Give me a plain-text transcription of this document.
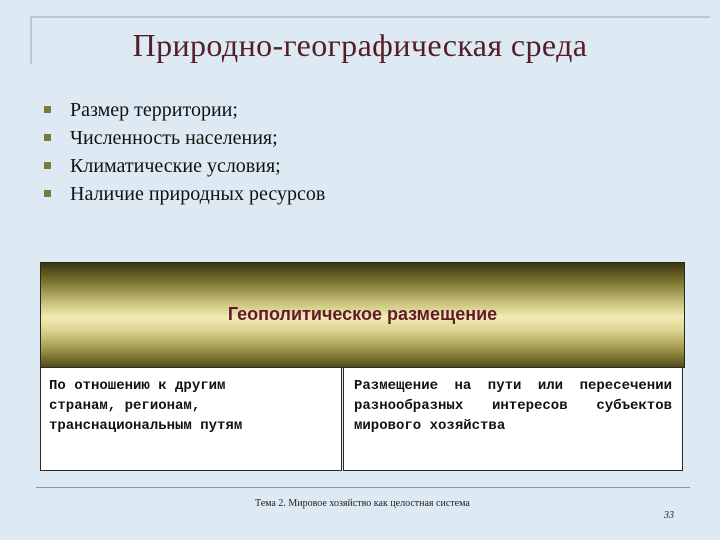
Природно-географическая среда
Размер территории;
Численность населения;
Климатические условия;
Наличие природных ресурсов
Геополитическое размещение

По отношению к другим

странам, регионам,

транснациональным путям

Размещение на пути или пересечении разнообразных интересов субъектов мирового хозяйства

Тема 2. Мировое хозяйство как целостная система
33
